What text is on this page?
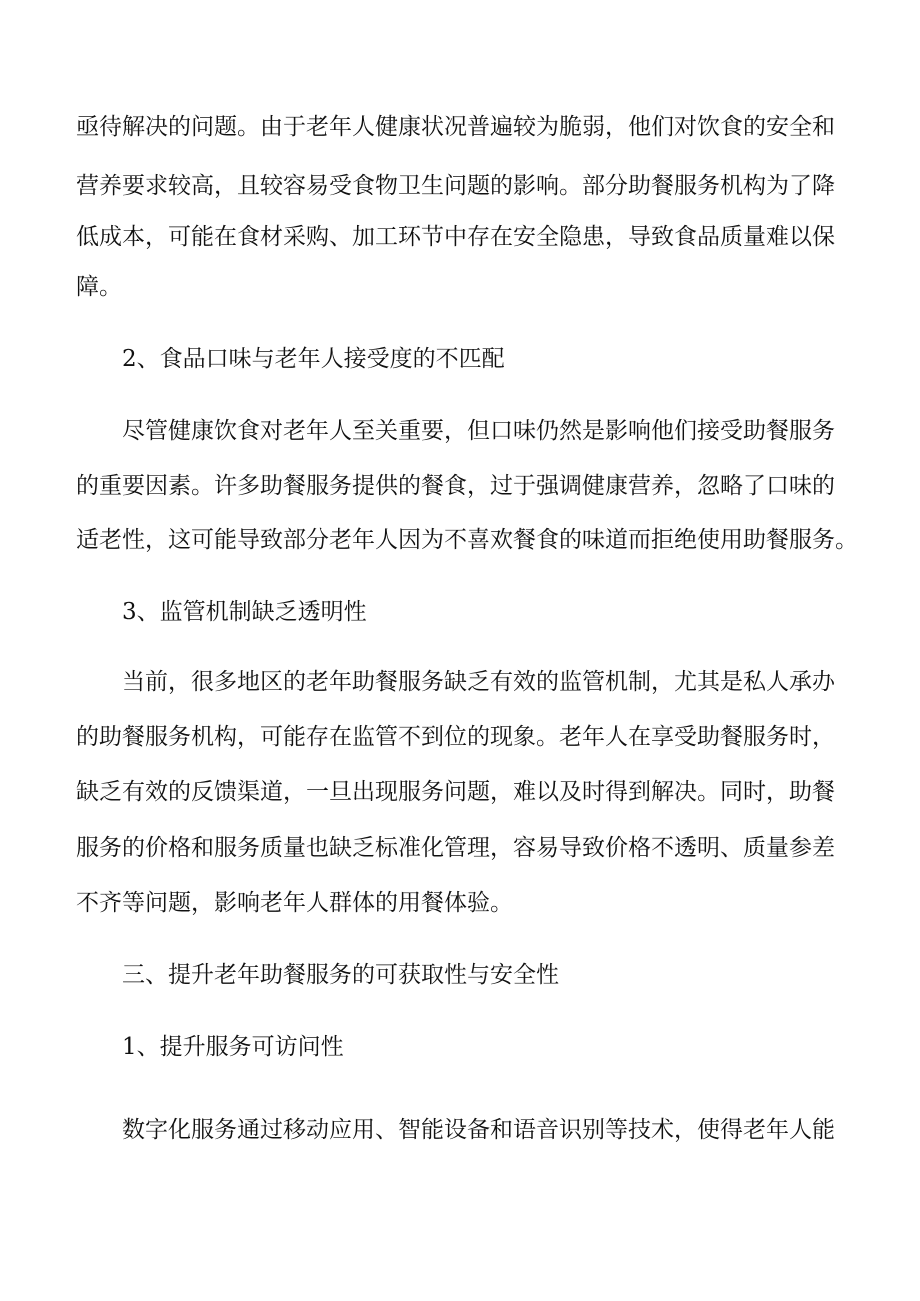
亟待解决的问题。由于老年人健康状况普遍较为脆弱，他们对饮食的安全和

营养要求较高，且较容易受食物卫生问题的影响。部分助餐服务机构为了降

低成本，可能在食材采购、加工环节中存在安全隐患，导致食品质量难以保

障。

　　2、食品口味与老年人接受度的不匹配

　　尽管健康饮食对老年人至关重要，但口味仍然是影响他们接受助餐服务

的重要因素。许多助餐服务提供的餐食，过于强调健康营养，忽略了口味的

适老性，这可能导致部分老年人因为不喜欢餐食的味道而拒绝使用助餐服务。

　　3、监管机制缺乏透明性

　　当前，很多地区的老年助餐服务缺乏有效的监管机制，尤其是私人承办

的助餐服务机构，可能存在监管不到位的现象。老年人在享受助餐服务时，

缺乏有效的反馈渠道，一旦出现服务问题，难以及时得到解决。同时，助餐

服务的价格和服务质量也缺乏标准化管理，容易导致价格不透明、质量参差

不齐等问题，影响老年人群体的用餐体验。

　　三、提升老年助餐服务的可获取性与安全性

　　1、提升服务可访问性

　　数字化服务通过移动应用、智能设备和语音识别等技术，使得老年人能
